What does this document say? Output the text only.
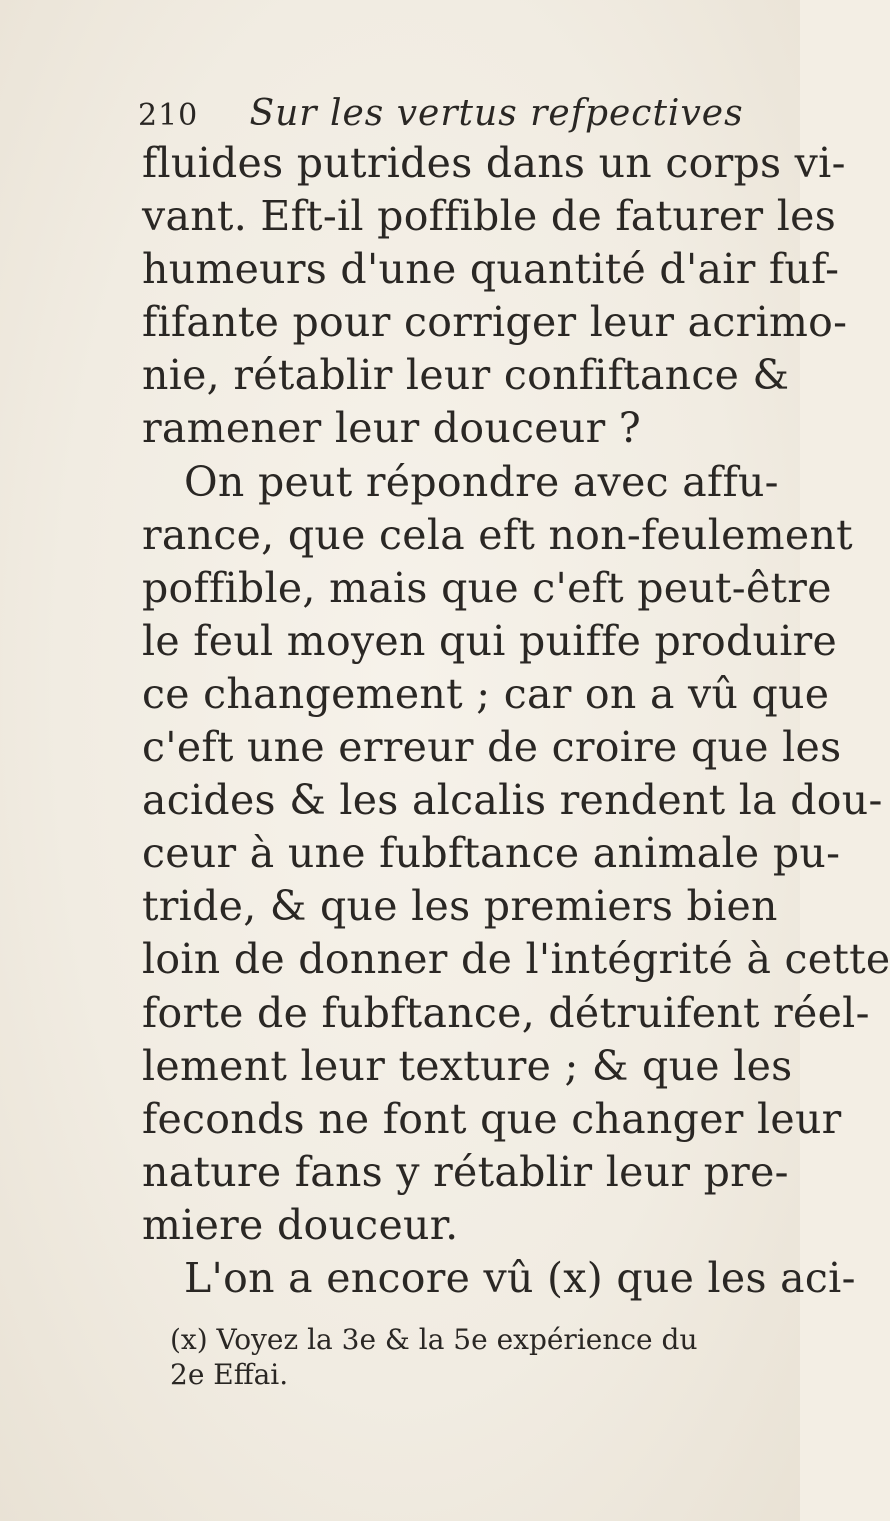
210 Sur les vertus refpectives
fluides putrides dans un corps vi-
vant. Eft-il poffible de faturer les
humeurs d'une quantité d'air fuf-
fifante pour corriger leur acrimo-
nie, rétablir leur confiftance &
ramener leur douceur ?
On peut répondre avec affu-
rance, que cela eft non-feulement
poffible, mais que c'eft peut-être
le feul moyen qui puiffe produire
ce changement ; car on a vû que
c'eft une erreur de croire que les
acides & les alcalis rendent la dou-
ceur à une fubftance animale pu-
tride, & que les premiers bien
loin de donner de l'intégrité à cette
forte de fubftance, détruifent réel-
lement leur texture ; & que les
feconds ne font que changer leur
nature fans y rétablir leur pre-
miere douceur.
L'on a encore vû (x) que les aci-
(x) Voyez la 3e & la 5e expérience du
2e Effai.
